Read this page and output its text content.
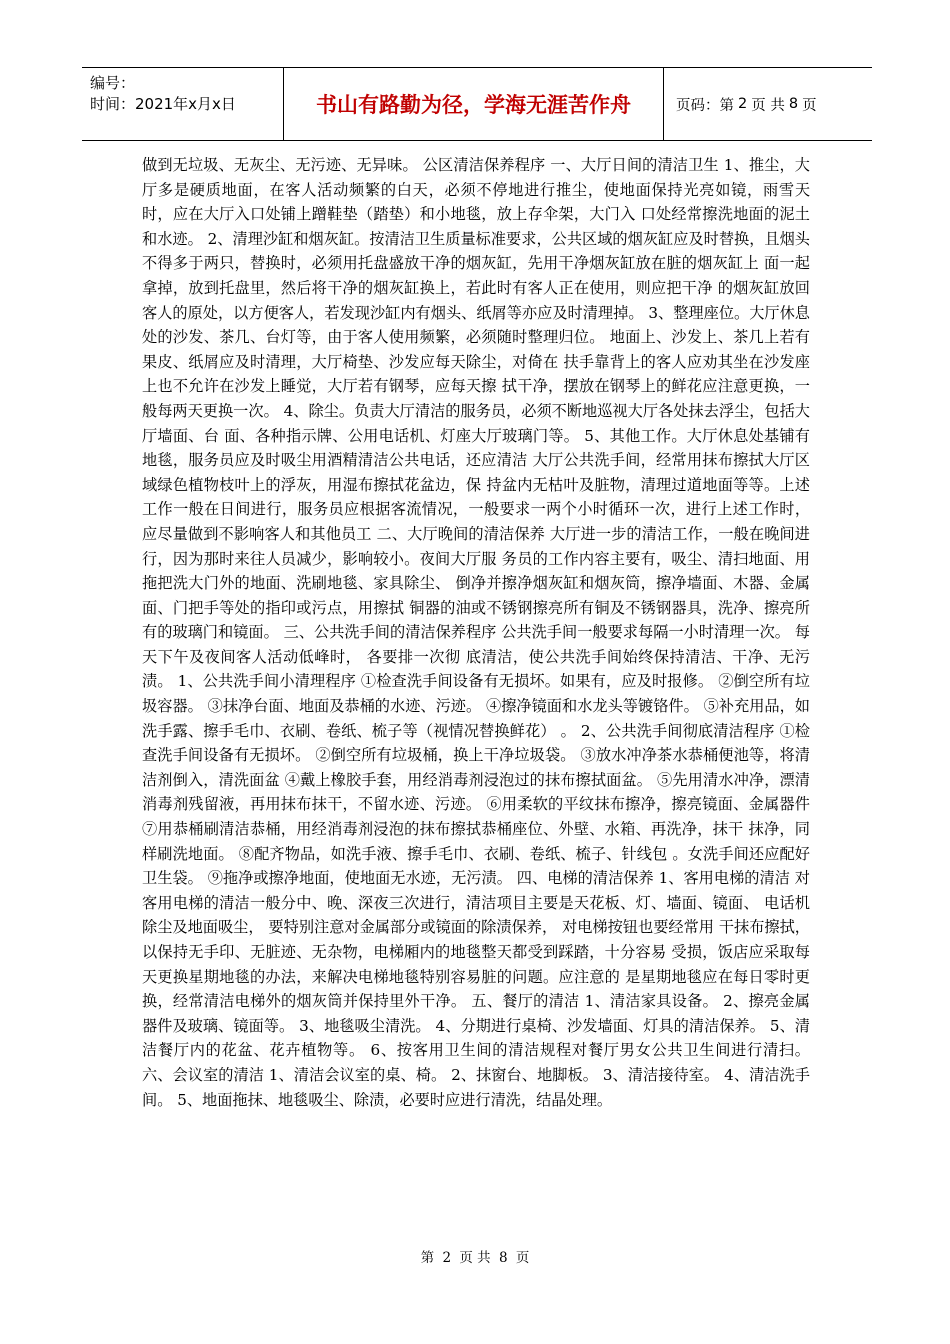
编号：
时间：2021年x月x日	书山有路勤为径，学海无涯苦作舟	页码：第 2 页 共 8 页

做到无垃圾、无灰尘、无污迹、无异味。 公区清洁保养程序 一、大厅日间的清洁卫生 1、推尘，大厅多是硬质地面，在客人活动频繁的白天，必须不停地进行推尘，使地面保持光亮如镜，雨雪天时，应在大厅入口处铺上蹭鞋垫（踏垫）和小地毯，放上存伞架，大门入 口处经常擦洗地面的泥土和水迹。 2、清理沙缸和烟灰缸。按清洁卫生质量标准要求，公共区域的烟灰缸应及时替换，且烟头 不得多于两只，替换时，必须用托盘盛放干净的烟灰缸，先用干净烟灰缸放在脏的烟灰缸上 面一起拿掉，放到托盘里，然后将干净的烟灰缸换上，若此时有客人正在使用，则应把干净 的烟灰缸放回客人的原处，以方便客人，若发现沙缸内有烟头、纸屑等亦应及时清理掉。 3、整理座位。大厅休息处的沙发、茶几、台灯等，由于客人使用频繁，必须随时整理归位。 地面上、沙发上、茶几上若有果皮、纸屑应及时清理，大厅椅垫、沙发应每天除尘，对倚在 扶手靠背上的客人应劝其坐在沙发座上也不允许在沙发上睡觉，大厅若有钢琴，应每天擦 拭干净，摆放在钢琴上的鲜花应注意更换，一般每两天更换一次。 4、除尘。负责大厅清洁的服务员，必须不断地巡视大厅各处抹去浮尘，包括大厅墙面、台 面、各种指示牌、公用电话机、灯座大厅玻璃门等。 5、其他工作。大厅休息处基铺有地毯，服务员应及时吸尘用酒精清洁公共电话，还应清洁 大厅公共洗手间，经常用抹布擦拭大厅区域绿色植物枝叶上的浮灰，用湿布擦拭花盆边，保 持盆内无枯叶及脏物，清理过道地面等等。上述工作一般在日间进行，服务员应根据客流情况，一般要求一两个小时循环一次，进行上述工作时，应尽量做到不影响客人和其他员工 二、大厅晚间的清洁保养 大厅进一步的清洁工作，一般在晚间进行，因为那时来往人员减少，影响较小。夜间大厅服 务员的工作内容主要有，吸尘、清扫地面、用拖把洗大门外的地面、洗刷地毯、家具除尘、 倒净并擦净烟灰缸和烟灰筒，擦净墙面、木器、金属面、门把手等处的指印或污点，用擦拭 铜器的油或不锈钢擦亮所有铜及不锈钢器具，洗净、擦亮所有的玻璃门和镜面。 三、公共洗手间的清洁保养程序 公共洗手间一般要求每隔一小时清理一次。 每天下午及夜间客人活动低峰时， 各要排一次彻 底清洁，使公共洗手间始终保持清洁、干净、无污渍。 1、公共洗手间小清理程序 ①检查洗手间设备有无损坏。如果有，应及时报修。 ②倒空所有垃圾容器。 ③抹净台面、地面及恭桶的水迹、污迹。 ④擦净镜面和水龙头等镀铬件。 ⑤补充用品，如洗手露、擦手毛巾、衣刷、卷纸、梳子等（视情况替换鲜花） 。 2、公共洗手间彻底清洁程序 ①检查洗手间设备有无损坏。 ②倒空所有垃圾桶，换上干净垃圾袋。 ③放水冲净茶水恭桶便池等，将清洁剂倒入，清洗面盆 ④戴上橡胶手套，用经消毒剂浸泡过的抹布擦拭面盆。 ⑤先用清水冲净，漂清消毒剂残留液，再用抹布抹干，不留水迹、污迹。 ⑥用柔软的平纹抹布擦净，擦亮镜面、金属器件 ⑦用恭桶刷清洁恭桶，用经消毒剂浸泡的抹布擦拭恭桶座位、外壁、水箱、再洗净，抹干 抹净，同样刷洗地面。 ⑧配齐物品，如洗手液、擦手毛巾、衣刷、卷纸、梳子、针线包 。女洗手间还应配好卫生袋。 ⑨拖净或擦净地面，使地面无水迹，无污渍。 四、电梯的清洁保养 1、客用电梯的清洁 对客用电梯的清洁一般分中、晚、深夜三次进行，清洁项目主要是天花板、灯、墙面、镜面、 电话机除尘及地面吸尘， 要特别注意对金属部分或镜面的除渍保养， 对电梯按钮也要经常用 干抹布擦拭，以保持无手印、无脏迹、无杂物，电梯厢内的地毯整天都受到踩踏，十分容易 受损，饭店应采取每天更换星期地毯的办法，来解决电梯地毯特别容易脏的问题。应注意的 是星期地毯应在每日零时更换，经常清洁电梯外的烟灰筒并保持里外干净。 五、餐厅的清洁 1、清洁家具设备。 2、擦亮金属器件及玻璃、镜面等。 3、地毯吸尘清洗。 4、分期进行桌椅、沙发墙面、灯具的清洁保养。 5、清洁餐厅内的花盆、花卉植物等。 6、按客用卫生间的清洁规程对餐厅男女公共卫生间进行清扫。 六、会议室的清洁 1、清洁会议室的桌、椅。 2、抹窗台、地脚板。 3、清洁接待室。 4、清洁洗手间。 5、地面拖抹、地毯吸尘、除渍，必要时应进行清洗，结晶处理。

第 2 页 共 8 页
